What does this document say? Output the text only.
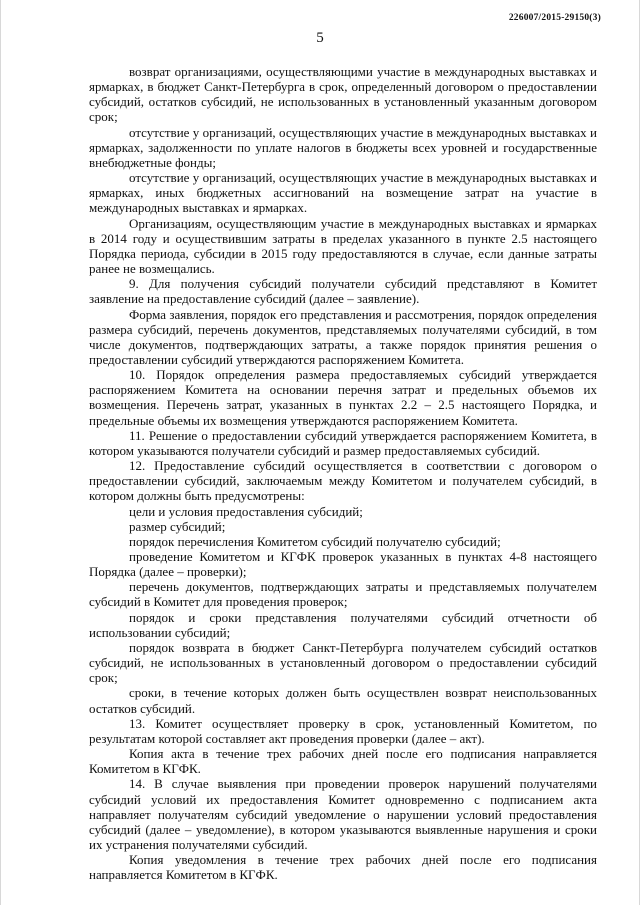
226007/2015-29150(3)
5

возврат организациями, осуществляющими участие в международных выставках и ярмарках, в бюджет Санкт-Петербурга в срок, определенный договором о предоставлении субсидий, остатков субсидий, не использованных в установленный указанным договором срок;

отсутствие у организаций, осуществляющих участие в международных выставках и ярмарках, задолженности по уплате налогов в бюджеты всех уровней и государственные внебюджетные фонды;

отсутствие у организаций, осуществляющих участие в международных выставках и ярмарках, иных бюджетных ассигнований на возмещение затрат на участие в международных выставках и ярмарках.

Организациям, осуществляющим участие в международных выставках и ярмарках в 2014 году и осуществившим затраты в пределах указанного в пункте 2.5 настоящего Порядка периода, субсидии в 2015 году предоставляются в случае, если данные затраты ранее не возмещались.

9. Для получения субсидий получатели субсидий представляют в Комитет заявление на предоставление субсидий (далее – заявление).

Форма заявления, порядок его представления и рассмотрения, порядок определения размера субсидий, перечень документов, представляемых получателями субсидий, в том числе документов, подтверждающих затраты, а также порядок принятия решения о предоставлении субсидий утверждаются распоряжением Комитета.

10. Порядок определения размера предоставляемых субсидий утверждается распоряжением Комитета на основании перечня затрат и предельных объемов их возмещения. Перечень затрат, указанных в пунктах 2.2 – 2.5 настоящего Порядка, и предельные объемы их возмещения утверждаются распоряжением Комитета.

11. Решение о предоставлении субсидий утверждается распоряжением Комитета, в котором указываются получатели субсидий и размер предоставляемых субсидий.

12. Предоставление субсидий осуществляется в соответствии с договором о предоставлении субсидий, заключаемым между Комитетом и получателем субсидий, в котором должны быть предусмотрены:

цели и условия предоставления субсидий;

размер субсидий;

порядок перечисления Комитетом субсидий получателю субсидий;

проведение Комитетом и КГФК проверок указанных в пунктах 4-8 настоящего Порядка (далее – проверки);

перечень документов, подтверждающих затраты и представляемых получателем субсидий в Комитет для проведения проверок;

порядок и сроки представления получателями субсидий отчетности об использовании субсидий;

порядок возврата в бюджет Санкт-Петербурга получателем субсидий остатков субсидий, не использованных в установленный договором о предоставлении субсидий срок;

сроки, в течение которых должен быть осуществлен возврат неиспользованных остатков субсидий.

13. Комитет осуществляет проверку в срок, установленный Комитетом, по результатам которой составляет акт проведения проверки (далее – акт).

Копия акта в течение трех рабочих дней после его подписания направляется Комитетом в КГФК.

14. В случае выявления при проведении проверок нарушений получателями субсидий условий их предоставления Комитет одновременно с подписанием акта направляет получателям субсидий уведомление о нарушении условий предоставления субсидий (далее – уведомление), в котором указываются выявленные нарушения и сроки их устранения получателями субсидий.

Копия уведомления в течение трех рабочих дней после его подписания направляется Комитетом в КГФК.
